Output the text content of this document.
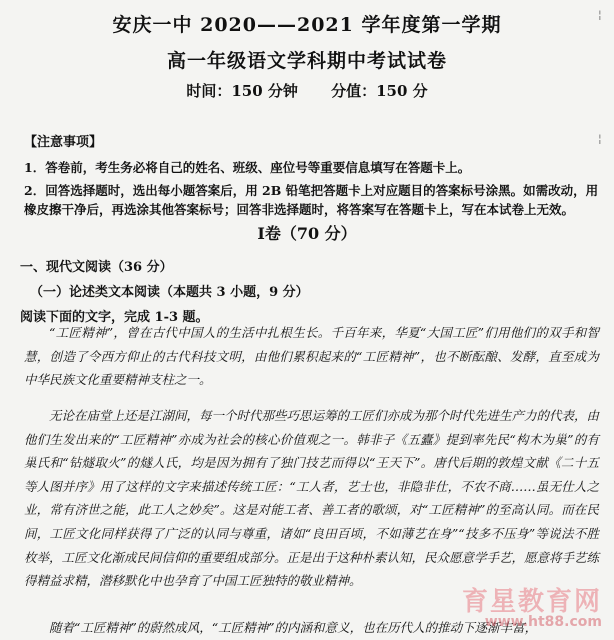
安庆一中 2020——2021 学年度第一学期
高一年级语文学科期中考试试卷
时间：150 分钟 分值：150 分
【注意事项】
1．答卷前，考生务必将自己的姓名、班级、座位号等重要信息填写在答题卡上。
2．回答选择题时，选出每小题答案后，用 2B 铅笔把答题卡上对应题目的答案标号涂黑。如需改动，用橡皮擦干净后，再选涂其他答案标号；回答非选择题时，将答案写在答题卡上，写在本试卷上无效。
Ⅰ卷（70 分）
一、现代文阅读（36 分）
（一）论述类文本阅读（本题共 3 小题，9 分）
阅读下面的文字，完成 1-3 题。
“工匠精神”，曾在古代中国人的生活中扎根生长。千百年来，华夏“大国工匠”们用他们的双手和智慧，创造了令西方仰止的古代科技文明，由他们累积起来的“工匠精神”，也不断酝酿、发酵，直至成为中华民族文化重要精神支柱之一。
无论在庙堂上还是江湖间，每一个时代那些巧思运筹的工匠们亦成为那个时代先进生产力的代表，由他们生发出来的“工匠精神”亦成为社会的核心价值观之一。韩非子《五蠹》提到率先民“构木为巢”的有巢氏和“钻燧取火”的燧人氏，均是因为拥有了独门技艺而得以“王天下”。唐代后期的敦煌文献《二十五等人图并序》用了这样的文字来描述传统工匠：“工人者，艺士也，非隐非仕，不农不商……虽无仕人之业，常有济世之能，此工人之妙矣”。这是对能工者、善工者的歌颂，对“工匠精神”的至高认同。而在民间，工匠文化同样获得了广泛的认同与尊重，诸如“良田百顷，不如薄艺在身”“技多不压身”等说法不胜枚举，工匠文化渐成民间信仰的重要组成部分。正是出于这种朴素认知，民众愿意学手艺，愿意将手艺练得精益求精，潜移默化中也孕育了中国工匠独特的敬业精神。
随着“工匠精神”的蔚然成风，“工匠精神”的内涵和意义，也在历代人的推动下逐渐丰富，
¦
¦
育星教育网
www.ht88.com
